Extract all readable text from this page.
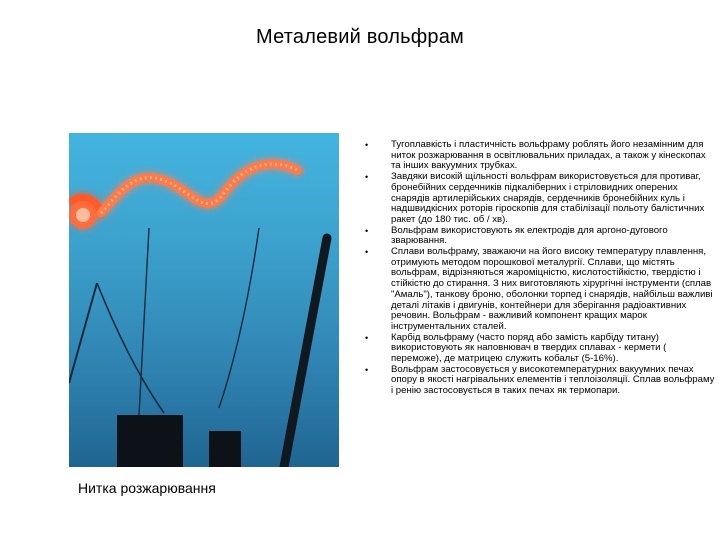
Металевий вольфрам
Нитка розжарювання
• Тугоплавкість і пластичність вольфраму роблять його незамінним для ниток розжарювання в освітлювальних приладах, а також у кінескопах та інших вакуумних трубках.
• Завдяки високій щільності вольфрам використовується для противаг, бронебійних сердечників підкаліберних і стріловидних оперених снарядів артилерійських снарядів, сердечників бронебійних куль і надшвидкісних роторів гіроскопів для стабілізації польоту балістичних ракет (до 180 тис. об / хв).
• Вольфрам використовують як електродів для аргоно-дугового зварювання.
• Сплави вольфраму, зважаючи на його високу температуру плавлення, отримують методом порошкової металургії. Сплави, що містять вольфрам, відрізняються жароміцністю, кислотостійкістю, твердістю і стійкістю до стирання. З них виготовляють хірургічні інструменти (сплав "Амаль"), танкову броню, оболонки торпед і снарядів, найбільш важливі деталі літаків і двигунів, контейнери для зберігання радіоактивних речовин. Вольфрам - важливий компонент кращих марок інструментальних сталей.
• Карбід вольфраму (часто поряд або замість карбіду титану) використовують як наповнювач в твердих сплавах - кермети ( переможе), де матрицею служить кобальт (5-16%).
• Вольфрам застосовується у високотемпературних вакуумних печах опору в якості нагрівальних елементів і теплоізоляції. Сплав вольфраму і ренію застосовується в таких печах як термопари.
